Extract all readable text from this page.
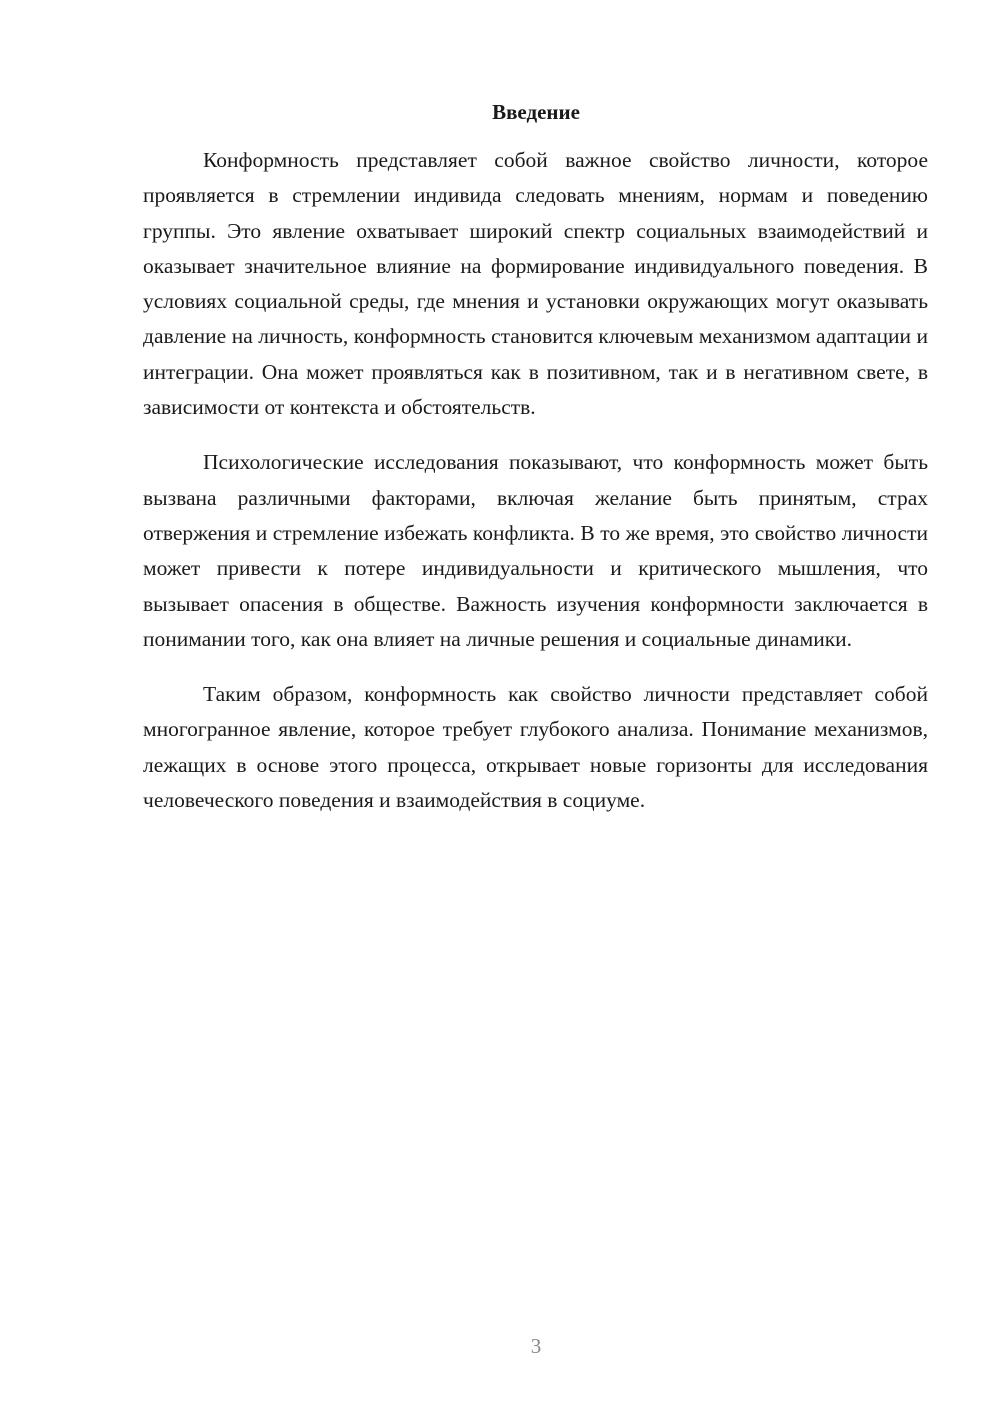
Введение

Конформность представляет собой важное свойство личности, которое проявляется в стремлении индивида следовать мнениям, нормам и поведению группы. Это явление охватывает широкий спектр социальных взаимодействий и оказывает значительное влияние на формирование индивидуального поведения. В условиях социальной среды, где мнения и установки окружающих могут оказывать давление на личность, конформность становится ключевым механизмом адаптации и интеграции. Она может проявляться как в позитивном, так и в негативном свете, в зависимости от контекста и обстоятельств.

Психологические исследования показывают, что конформность может быть вызвана различными факторами, включая желание быть принятым, страх отвержения и стремление избежать конфликта. В то же время, это свойство личности может привести к потере индивидуальности и критического мышления, что вызывает опасения в обществе. Важность изучения конформности заключается в понимании того, как она влияет на личные решения и социальные динамики.

Таким образом, конформность как свойство личности представляет собой многогранное явление, которое требует глубокого анализа. Понимание механизмов, лежащих в основе этого процесса, открывает новые горизонты для исследования человеческого поведения и взаимодействия в социуме.

3
